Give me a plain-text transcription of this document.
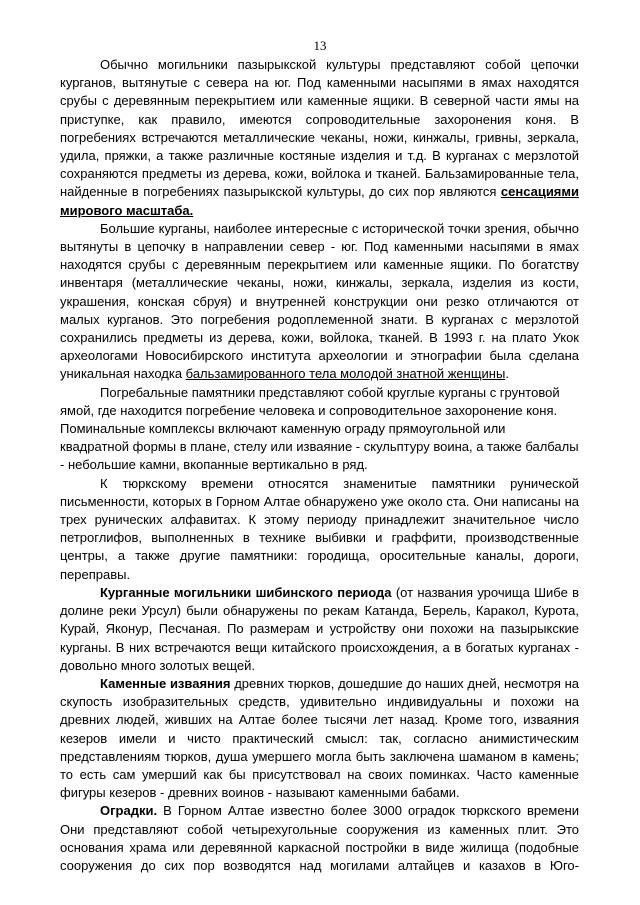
13

Обычно могильники пазырыкской культуры представляют собой цепочки курганов, вытянутые с севера на юг. Под каменными насыпями в ямах находятся срубы с деревянным перекрытием или каменные ящики. В северной части ямы на приступке, как правило, имеются сопроводительные захоронения коня. В погребениях встречаются металлические чеканы, ножи, кинжалы, гривны, зеркала, удила, пряжки, а также различные костяные изделия и т.д. В курганах с мерзлотой сохраняются предметы из дерева, кожи, войлока и тканей. Бальзамированные тела, найденные в погребениях пазырыкской культуры, до сих пор являются сенсациями мирового масштаба.

Большие курганы, наиболее интересные с исторической точки зрения, обычно вытянуты в цепочку в направлении север - юг. Под каменными насыпями в ямах находятся срубы с деревянным перекрытием или каменные ящики. По богатству инвентаря (металлические чеканы, ножи, кинжалы, зеркала, изделия из кости, украшения, конская сбруя) и внутренней конструкции они резко отличаются от малых курганов. Это погребения родоплеменной знати. В курганах с мерзлотой сохранились предметы из дерева, кожи, войлока, тканей. В 1993 г. на плато Укок археологами Новосибирского института археологии и этнографии была сделана уникальная находка бальзамированного тела молодой знатной женщины.

Погребальные памятники представляют собой круглые курганы с грунтовой
ямой, где находится погребение человека и сопроводительное захоронение коня.
Поминальные комплексы включают каменную ограду прямоугольной или
квадратной формы в плане, стелу или изваяние - скульптуру воина, а также балбалы
- небольшие камни, вкопанные вертикально в ряд.

К тюркскому времени относятся знаменитые памятники рунической письменности, которых в Горном Алтае обнаружено уже около ста. Они написаны на трех рунических алфавитах. К этому периоду принадлежит значительное число петроглифов, выполненных в технике выбивки и граффити, производственные центры, а также другие памятники: городища, оросительные каналы, дороги, переправы.

Курганные могильники шибинского периода (от названия урочища Шибе в долине реки Урсул) были обнаружены по рекам Катанда, Берель, Каракол, Курота, Курай, Яконур, Песчаная. По размерам и устройству они похожи на пазырыкские курганы. В них встречаются вещи китайского происхождения, а в богатых курганах - довольно много золотых вещей.

Каменные изваяния древних тюрков, дошедшие до наших дней, несмотря на скупость изобразительных средств, удивительно индивидуальны и похожи на древних людей, живших на Алтае более тысячи лет назад. Кроме того, изваяния кезеров имели и чисто практический смысл: так, согласно анимистическим представлениям тюрков, душа умершего могла быть заключена шаманом в камень; то есть сам умерший как бы присутствовал на своих поминках. Часто каменные фигуры кезеров - древних воинов - называют каменными бабами.

Оградки. В Горном Алтае известно более 3000 оградок тюркского времени Они представляют собой четырехугольные сооружения из каменных плит. Это основания храма или деревянной каркасной постройки в виде жилища (подобные сооружения до сих пор возводятся над могилами алтайцев и казахов в Юго-
